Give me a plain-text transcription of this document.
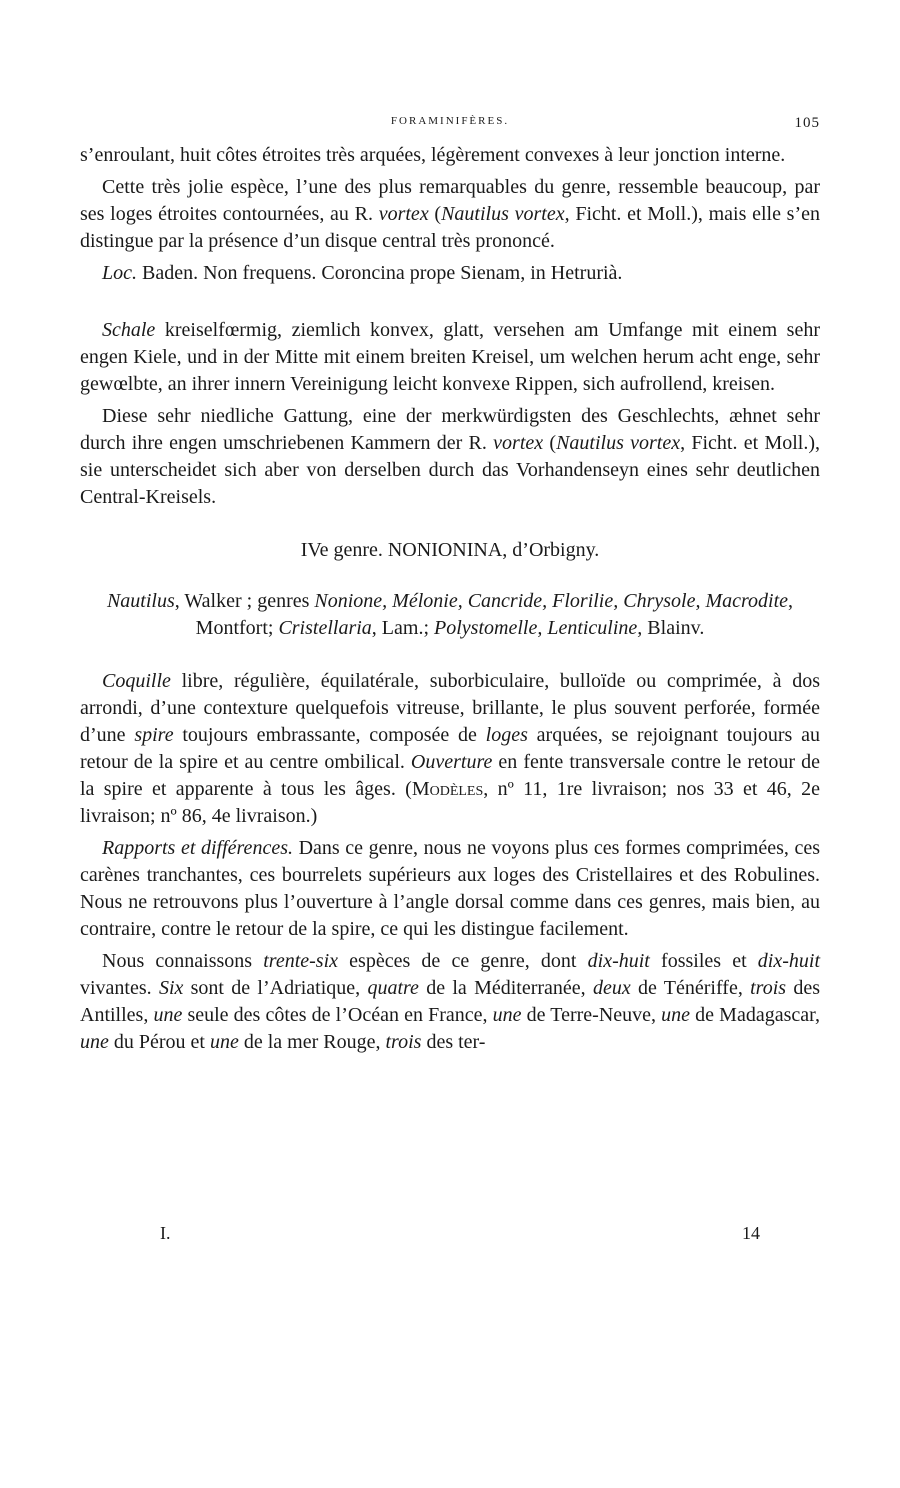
FORAMINIFÈRES.	105

s’enroulant, huit côtes étroites très arquées, légèrement convexes à leur jonction interne.

Cette très jolie espèce, l’une des plus remarquables du genre, ressemble beaucoup, par ses loges étroites contournées, au R. vortex (Nautilus vortex, Ficht. et Moll.), mais elle s’en distingue par la présence d’un disque central très prononcé.

Loc. Baden. Non frequens. Coroncina prope Sienam, in Hetrurià.

Schale kreiselfœrmig, ziemlich konvex, glatt, versehen am Umfange mit einem sehr engen Kiele, und in der Mitte mit einem breiten Kreisel, um welchen herum acht enge, sehr gewœlbte, an ihrer innern Vereinigung leicht konvexe Rippen, sich aufrollend, kreisen.

Diese sehr niedliche Gattung, eine der merkwürdigsten des Geschlechts, æhnet sehr durch ihre engen umschriebenen Kammern der R. vortex (Nautilus vortex, Ficht. et Moll.), sie unterscheidet sich aber von derselben durch das Vorhandenseyn eines sehr deutlichen Central-Kreisels.

IVe genre. NONIONINA, d’Orbigny.

Nautilus, Walker ; genres Nonione, Mélonie, Cancride, Florilie, Chrysole, Macrodite, Montfort; Cristellaria, Lam.; Polystomelle, Lenticuline, Blainv.

Coquille libre, régulière, équilatérale, suborbiculaire, bulloïde ou comprimée, à dos arrondi, d’une contexture quelquefois vitreuse, brillante, le plus souvent perforée, formée d’une spire toujours embrassante, composée de loges arquées, se rejoignant toujours au retour de la spire et au centre ombilical. Ouverture en fente transversale contre le retour de la spire et apparente à tous les âges. (Modèles, nº 11, 1re livraison; nos 33 et 46, 2e livraison; nº 86, 4e livraison.)

Rapports et différences. Dans ce genre, nous ne voyons plus ces formes comprimées, ces carènes tranchantes, ces bourrelets supérieurs aux loges des Cristellaires et des Robulines. Nous ne retrouvons plus l’ouverture à l’angle dorsal comme dans ces genres, mais bien, au contraire, contre le retour de la spire, ce qui les distingue facilement.

Nous connaissons trente-six espèces de ce genre, dont dix-huit fossiles et dix-huit vivantes. Six sont de l’Adriatique, quatre de la Méditerranée, deux de Ténériffe, trois des Antilles, une seule des côtes de l’Océan en France, une de Terre-Neuve, une de Madagascar, une du Pérou et une de la mer Rouge, trois des ter-

I.	14
